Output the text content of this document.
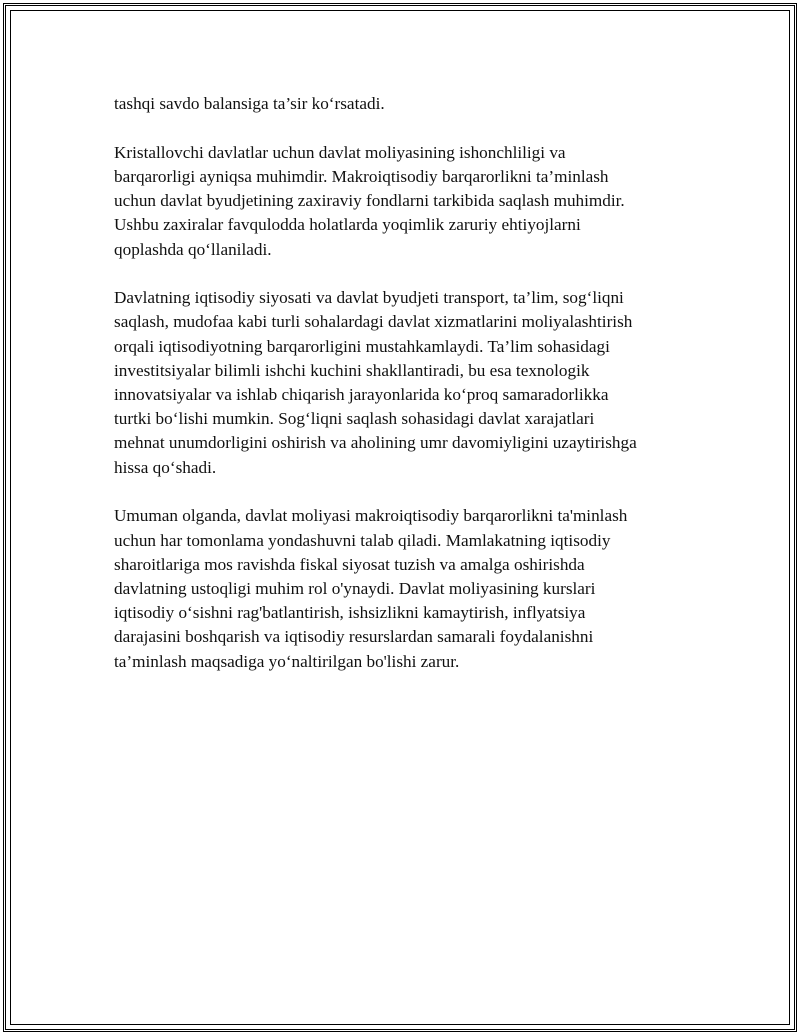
tashqi savdo balansiga ta’sir ko‘rsatadi.

Kristallovchi davlatlar uchun davlat moliyasining ishonchliligi va
barqarorligi ayniqsa muhimdir. Makroiqtisodiy barqarorlikni ta’minlash
uchun davlat byudjetining zaxiraviy fondlarni tarkibida saqlash muhimdir.
Ushbu zaxiralar favqulodda holatlarda yoqimlik zaruriy ehtiyojlarni
qoplashda qo‘llaniladi.

Davlatning iqtisodiy siyosati va davlat byudjeti transport, ta’lim, sog‘liqni
saqlash, mudofaa kabi turli sohalardagi davlat xizmatlarini moliyalashtirish
orqali iqtisodiyotning barqarorligini mustahkamlaydi. Ta’lim sohasidagi
investitsiyalar bilimli ishchi kuchini shakllantiradi, bu esa texnologik
innovatsiyalar va ishlab chiqarish jarayonlarida ko‘proq samaradorlikka
turtki bo‘lishi mumkin. Sog‘liqni saqlash sohasidagi davlat xarajatlari
mehnat unumdorligini oshirish va aholining umr davomiyligini uzaytirishga
hissa qo‘shadi.

Umuman olganda, davlat moliyasi makroiqtisodiy barqarorlikni ta'minlash
uchun har tomonlama yondashuvni talab qiladi. Mamlakatning iqtisodiy
sharoitlariga mos ravishda fiskal siyosat tuzish va amalga oshirishda
davlatning ustoqligi muhim rol o'ynaydi. Davlat moliyasining kurslari
iqtisodiy o‘sishni rag'batlantirish, ishsizlikni kamaytirish, inflyatsiya
darajasini boshqarish va iqtisodiy resurslardan samarali foydalanishni
ta’minlash maqsadiga yo‘naltirilgan bo'lishi zarur.
